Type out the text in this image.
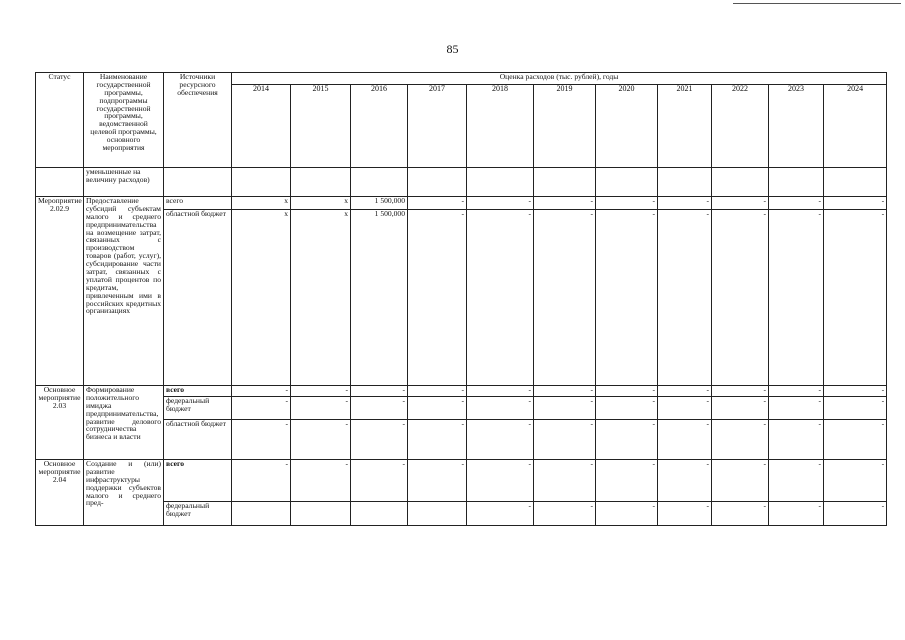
85
Статус	Наименование государственной программы, подпрограммы государственной программы, ведомственной целевой программы, основного мероприятия	Источники ресурсного обеспечения	Оценка расходов (тыс. рублей), годы										
			2014	2015	2016	2017	2018	2019	2020	2021	2022	2023	2024
	уменьшенные на величину расходов)												
Мероприятие 2.02.9	Предоставление субсидий субъектам малого и среднего предпринимательства на возмещение затрат, связанных с производством товаров (работ, услуг), субсидирование части затрат, связанных с уплатой процентов по кредитам, привлеченным ими в российских кредитных организациях	всего	x	x	1 500,000	-	-	-	-	-	-	-	-
		областной бюджет	x	x	1 500,000	-	-	-	-	-	-	-	-
Основное мероприятие 2.03	Формирование положительного имиджа предпринимательства, развитие делового сотрудничества бизнеса и власти	всего	-	-	-	-	-	-	-	-	-	-	-
		федеральный бюджет	-	-	-	-	-	-	-	-	-	-	-
		областной бюджет	-	-	-	-	-	-	-	-	-	-	-
Основное мероприятие 2.04	Создание и (или) развитие инфраструктуры поддержки субъектов малого и среднего пред-	всего	-	-	-	-	-	-	-	-	-	-	-
		федеральный бюджет					-	-	-	-	-	-	-
